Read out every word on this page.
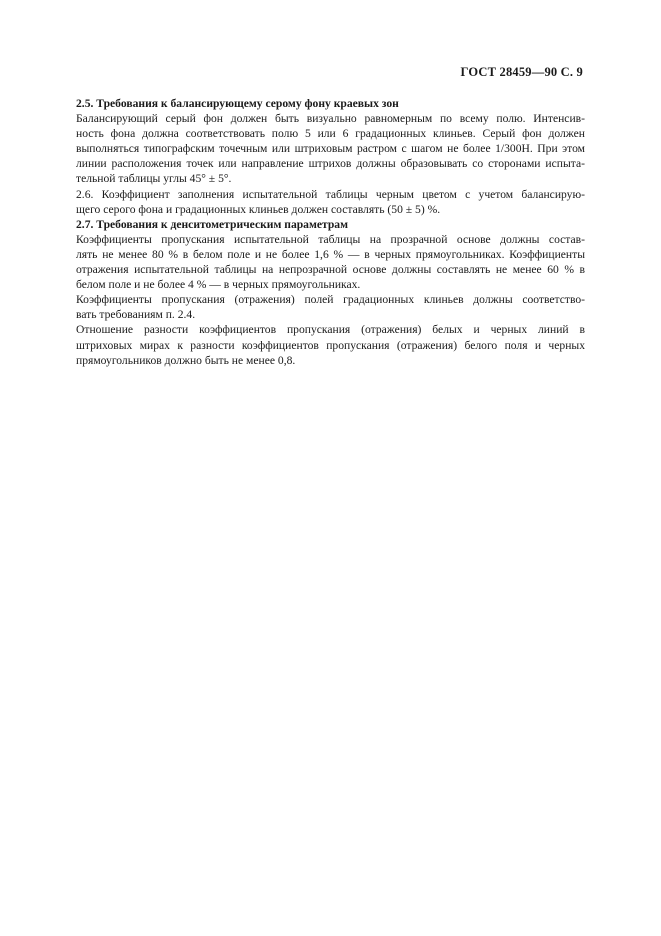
ГОСТ 28459—90 С. 9
2.5. Требования к балансирующему серому фону краевых зон
Балансирующий серый фон должен быть визуально равномерным по всему полю. Интенсив-
ность фона должна соответствовать полю 5 или 6 градационных клиньев. Серый фон должен
выполняться типографским точечным или штриховым растром с шагом не более 1/300H. При этом
линии расположения точек или направление штрихов должны образовывать со сторонами испыта-
тельной таблицы углы 45° ± 5°.
2.6. Коэффициент заполнения испытательной таблицы черным цветом с учетом балансирую-
щего серого фона и градационных клиньев должен составлять (50 ± 5) %.
2.7. Требования к денситометрическим параметрам
Коэффициенты пропускания испытательной таблицы на прозрачной основе должны состав-
лять не менее 80 % в белом поле и не более 1,6 % — в черных прямоугольниках. Коэффициенты
отражения испытательной таблицы на непрозрачной основе должны составлять не менее 60 % в
белом поле и не более 4 % — в черных прямоугольниках.
Коэффициенты пропускания (отражения) полей градационных клиньев должны соответство-
вать требованиям п. 2.4.
Отношение разности коэффициентов пропускания (отражения) белых и черных линий в
штриховых мирах к разности коэффициентов пропускания (отражения) белого поля и черных
прямоугольников должно быть не менее 0,8.
